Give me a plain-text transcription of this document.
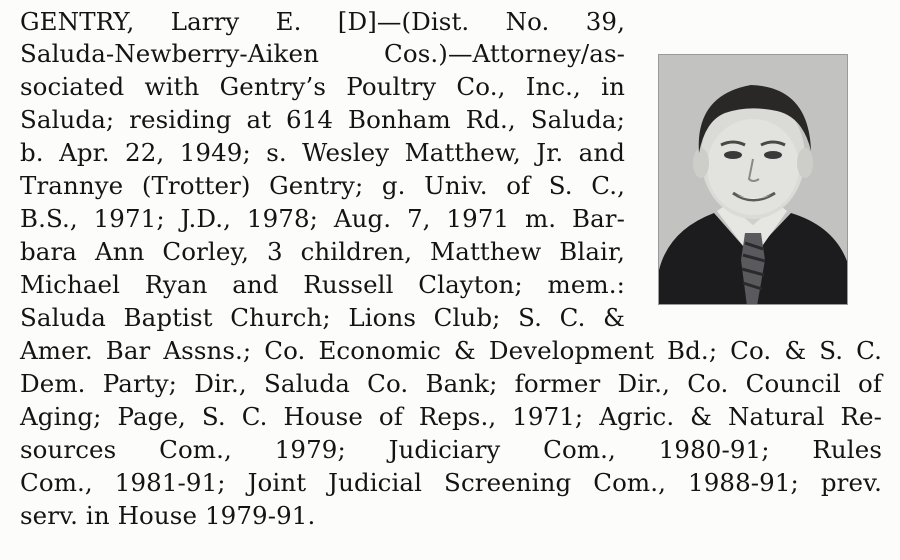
GENTRY, Larry E. [D]—(Dist. No. 39,
Saluda-Newberry-Aiken Cos.)—Attorney/as-
sociated with Gentry’s Poultry Co., Inc., in
Saluda; residing at 614 Bonham Rd., Saluda;
b. Apr. 22, 1949; s. Wesley Matthew, Jr. and
Trannye (Trotter) Gentry; g. Univ. of S. C.,
B.S., 1971; J.D., 1978; Aug. 7, 1971 m. Bar-
bara Ann Corley, 3 children, Matthew Blair,
Michael Ryan and Russell Clayton; mem.:
Saluda Baptist Church; Lions Club; S. C. &
Amer. Bar Assns.; Co. Economic & Development Bd.; Co. & S. C.
Dem. Party; Dir., Saluda Co. Bank; former Dir., Co. Council of
Aging; Page, S. C. House of Reps., 1971; Agric. & Natural Re-
sources Com., 1979; Judiciary Com., 1980-91; Rules
Com., 1981-91; Joint Judicial Screening Com., 1988-91; prev.
serv. in House 1979-91.
